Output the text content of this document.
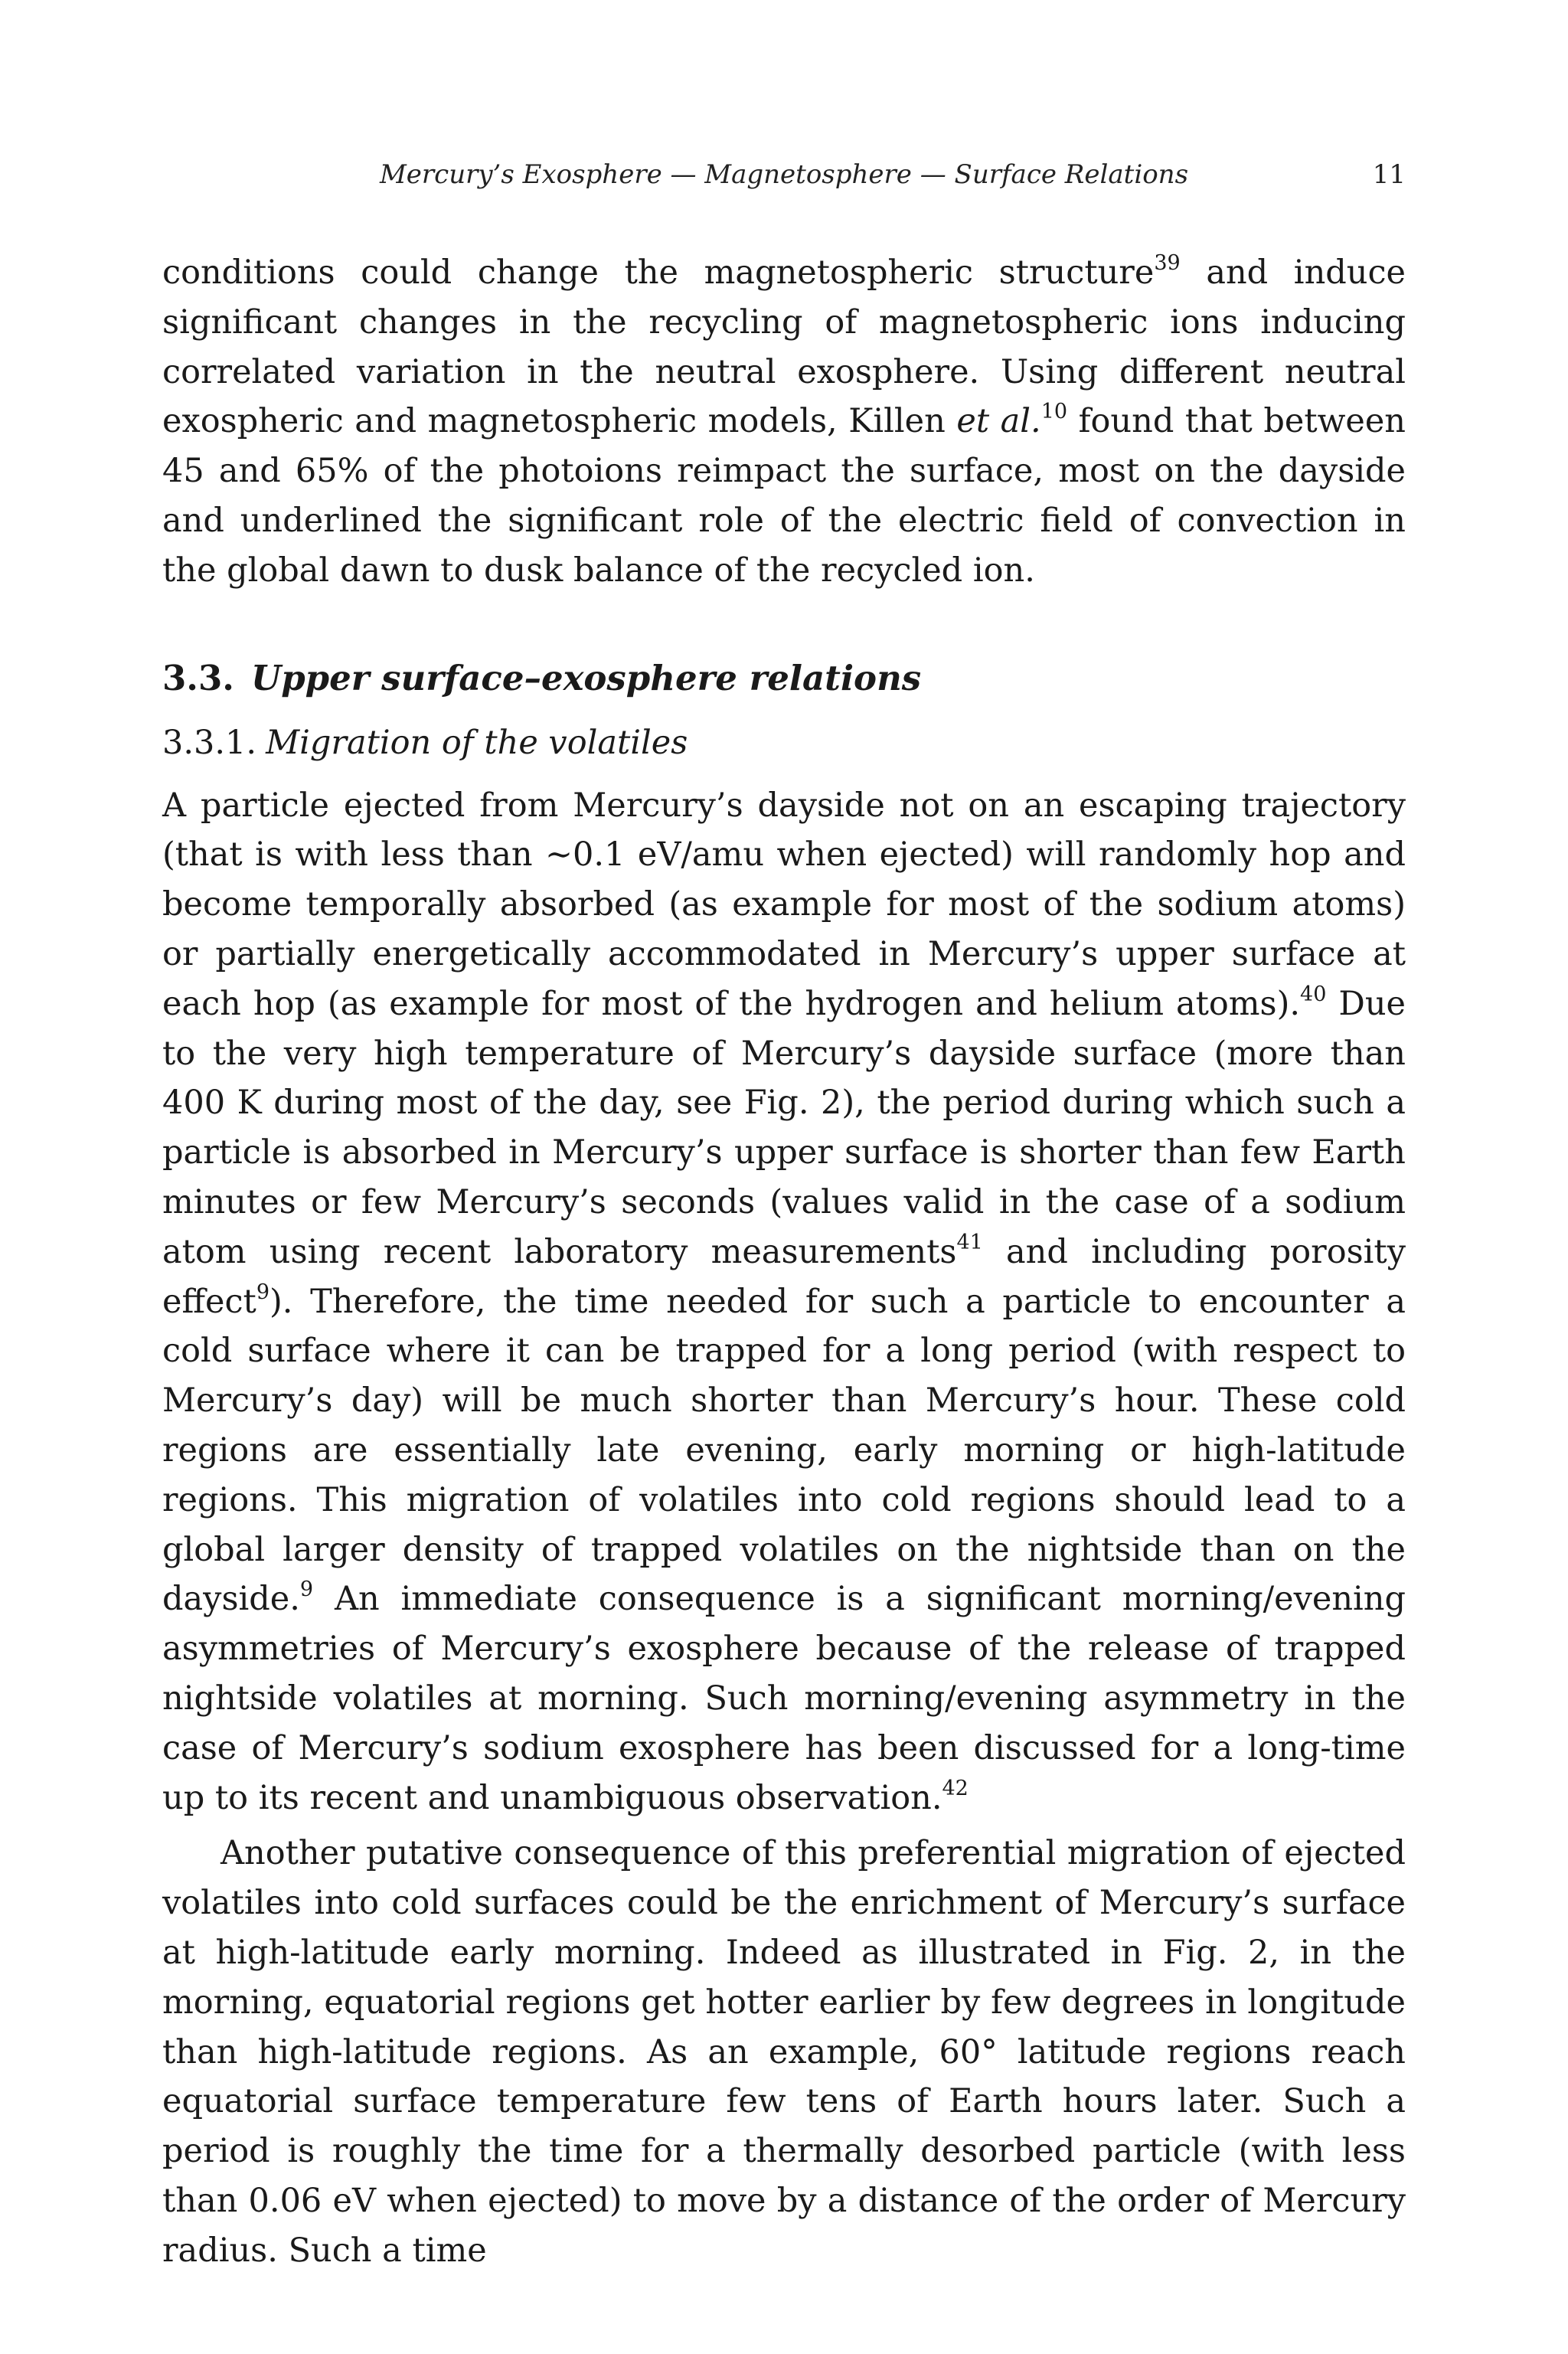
Mercury’s Exosphere — Magnetosphere — Surface Relations	11

conditions could change the magnetospheric structure$^{39}$ and induce significant changes in the recycling of magnetospheric ions inducing correlated variation in the neutral exosphere. Using different neutral exospheric and magnetospheric models, Killen et al.$^{10}$ found that between 45 and 65% of the photoions reimpact the surface, most on the dayside and underlined the significant role of the electric field of convection in the global dawn to dusk balance of the recycled ion.

3.3. Upper surface–exosphere relations
3.3.1. Migration of the volatiles

A particle ejected from Mercury’s dayside not on an escaping trajectory (that is with less than ∼0.1 eV/amu when ejected) will randomly hop and become temporally absorbed (as example for most of the sodium atoms) or partially energetically accommodated in Mercury’s upper surface at each hop (as example for most of the hydrogen and helium atoms).$^{40}$ Due to the very high temperature of Mercury’s dayside surface (more than 400 K during most of the day, see Fig. 2), the period during which such a particle is absorbed in Mercury’s upper surface is shorter than few Earth minutes or few Mercury’s seconds (values valid in the case of a sodium atom using recent laboratory measurements$^{41}$ and including porosity effect$^9$). Therefore, the time needed for such a particle to encounter a cold surface where it can be trapped for a long period (with respect to Mercury’s day) will be much shorter than Mercury’s hour. These cold regions are essentially late evening, early morning or high-latitude regions. This migration of volatiles into cold regions should lead to a global larger density of trapped volatiles on the nightside than on the dayside.$^9$ An immediate consequence is a significant morning/evening asymmetries of Mercury’s exosphere because of the release of trapped nightside volatiles at morning. Such morning/evening asymmetry in the case of Mercury’s sodium exosphere has been discussed for a long-time up to its recent and unambiguous observation.$^{42}$

Another putative consequence of this preferential migration of ejected volatiles into cold surfaces could be the enrichment of Mercury’s surface at high-latitude early morning. Indeed as illustrated in Fig. 2, in the morning, equatorial regions get hotter earlier by few degrees in longitude than high-latitude regions. As an example, 60° latitude regions reach equatorial surface temperature few tens of Earth hours later. Such a period is roughly the time for a thermally desorbed particle (with less than 0.06 eV when ejected) to move by a distance of the order of Mercury radius. Such a time
